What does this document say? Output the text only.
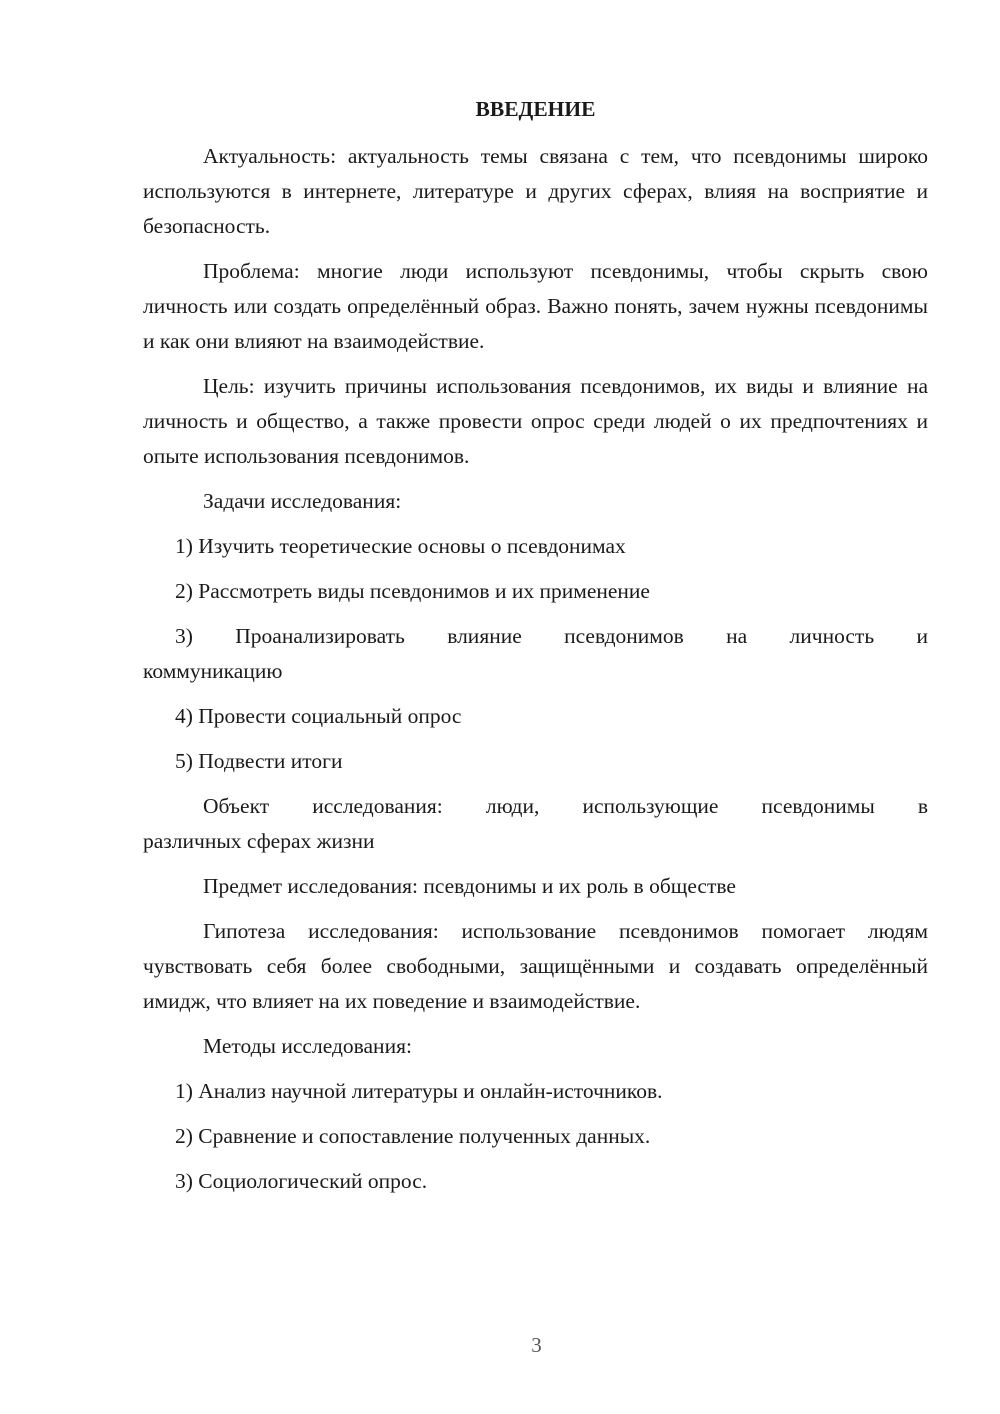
ВВЕДЕНИЕ

Актуальность: актуальность темы связана с тем, что псевдонимы широко используются в интернете, литературе и других сферах, влияя на восприятие и безопасность.

Проблема: многие люди используют псевдонимы, чтобы скрыть свою личность или создать определённый образ. Важно понять, зачем нужны псевдонимы и как они влияют на взаимодействие.

Цель: изучить причины использования псевдонимов, их виды и влияние на личность и общество, а также провести опрос среди людей о их предпочтениях и опыте использования псевдонимов.

Задачи исследования:

1) Изучить теоретические основы о псевдонимах

2) Рассмотреть виды псевдонимов и их применение

3) Проанализировать влияние псевдонимов на личность и

коммуникацию

4) Провести социальный опрос

5) Подвести итоги

Объект исследования: люди, использующие псевдонимы в

различных сферах жизни

Предмет исследования: псевдонимы и их роль в обществе

Гипотеза исследования: использование псевдонимов помогает людям чувствовать себя более свободными, защищёнными и создавать определённый имидж, что влияет на их поведение и взаимодействие.

Методы исследования:

1) Анализ научной литературы и онлайн-источников.

2) Сравнение и сопоставление полученных данных.

3) Социологический опрос.

3
